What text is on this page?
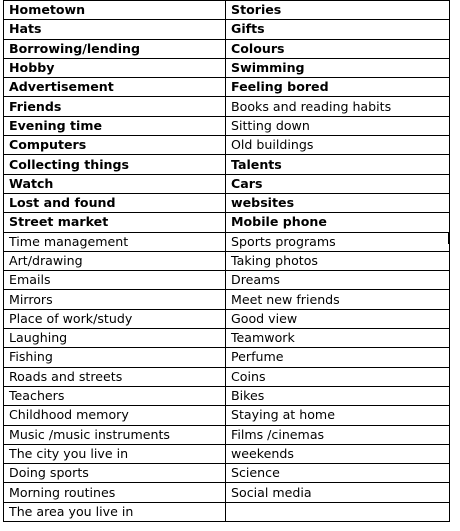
Hometown	Stories
Hats	Gifts
Borrowing/lending	Colours
Hobby	Swimming
Advertisement	Feeling bored
Friends	Books and reading habits
Evening time	Sitting down
Computers	Old buildings
Collecting things	Talents
Watch	Cars
Lost and found	websites
Street market	Mobile phone
Time management	Sports programs
Art/drawing	Taking photos
Emails	Dreams
Mirrors	Meet new friends
Place of work/study	Good view
Laughing	Teamwork
Fishing	Perfume
Roads and streets	Coins
Teachers	Bikes
Childhood memory	Staying at home
Music /music instruments	Films /cinemas
The city you live in	weekends
Doing sports	Science
Morning routines	Social media
The area you live in	
